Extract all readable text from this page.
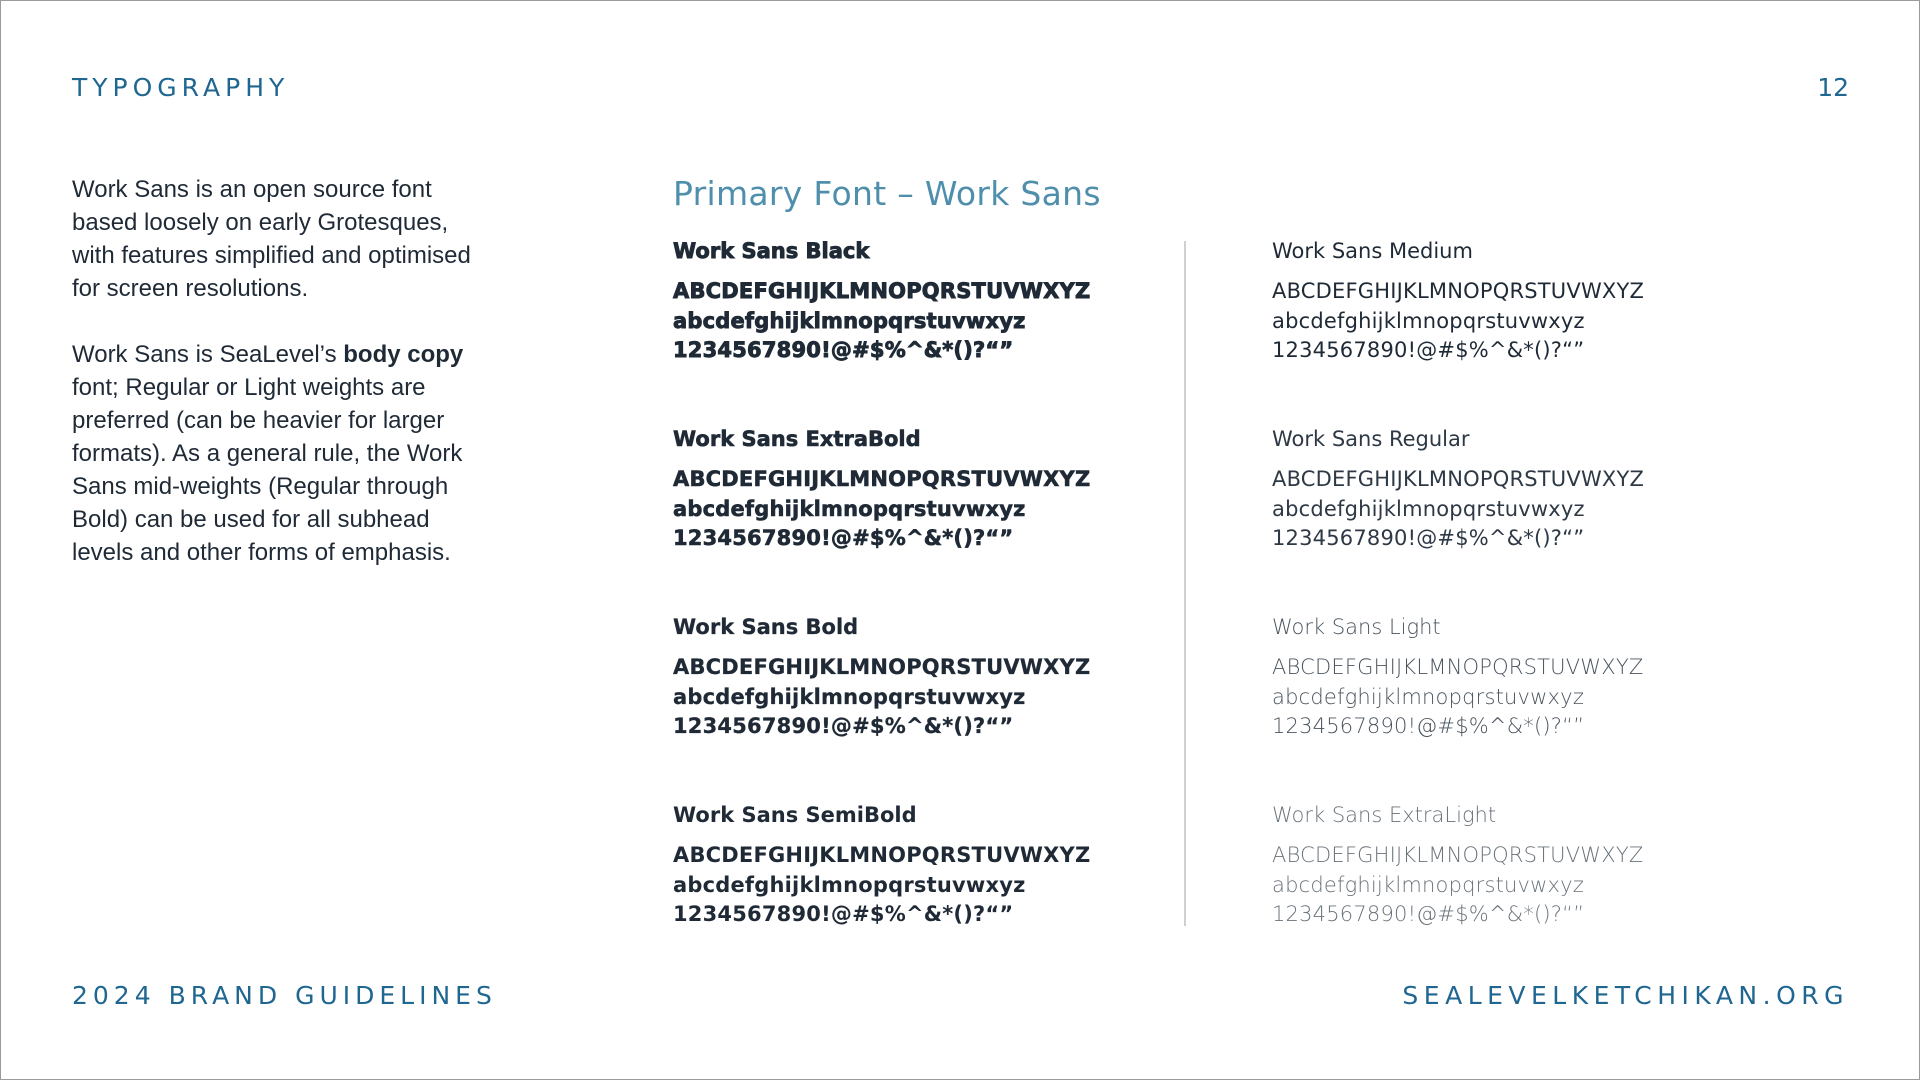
TYPOGRAPHY	12

Work Sans is an open source font based loosely on early Grotesques, with features simplified and optimised for screen resolutions.

Work Sans is SeaLevel’s body copy font; Regular or Light weights are preferred (can be heavier for larger formats). As a general rule, the Work Sans mid-weights (Regular through Bold) can be used for all subhead levels and other forms of emphasis.

Primary Font – Work Sans
Work Sans Black
ABCDEFGHIJKLMNOPQRSTUVWXYZ
abcdefghijklmnopqrstuvwxyz
1234567890!@#$%^&*()?“”
Work Sans ExtraBold
ABCDEFGHIJKLMNOPQRSTUVWXYZ
abcdefghijklmnopqrstuvwxyz
1234567890!@#$%^&*()?“”
Work Sans Bold
ABCDEFGHIJKLMNOPQRSTUVWXYZ
abcdefghijklmnopqrstuvwxyz
1234567890!@#$%^&*()?“”
Work Sans SemiBold
ABCDEFGHIJKLMNOPQRSTUVWXYZ
abcdefghijklmnopqrstuvwxyz
1234567890!@#$%^&*()?“”
Work Sans Medium
ABCDEFGHIJKLMNOPQRSTUVWXYZ
abcdefghijklmnopqrstuvwxyz
1234567890!@#$%^&*()?“”
Work Sans Regular
ABCDEFGHIJKLMNOPQRSTUVWXYZ
abcdefghijklmnopqrstuvwxyz
1234567890!@#$%^&*()?“”
Work Sans Light
ABCDEFGHIJKLMNOPQRSTUVWXYZ
abcdefghijklmnopqrstuvwxyz
1234567890!@#$%^&*()?“”
Work Sans ExtraLight
ABCDEFGHIJKLMNOPQRSTUVWXYZ
abcdefghijklmnopqrstuvwxyz
1234567890!@#$%^&*()?“”
2024 BRAND GUIDELINES	SEALEVELKETCHIKAN.ORG
